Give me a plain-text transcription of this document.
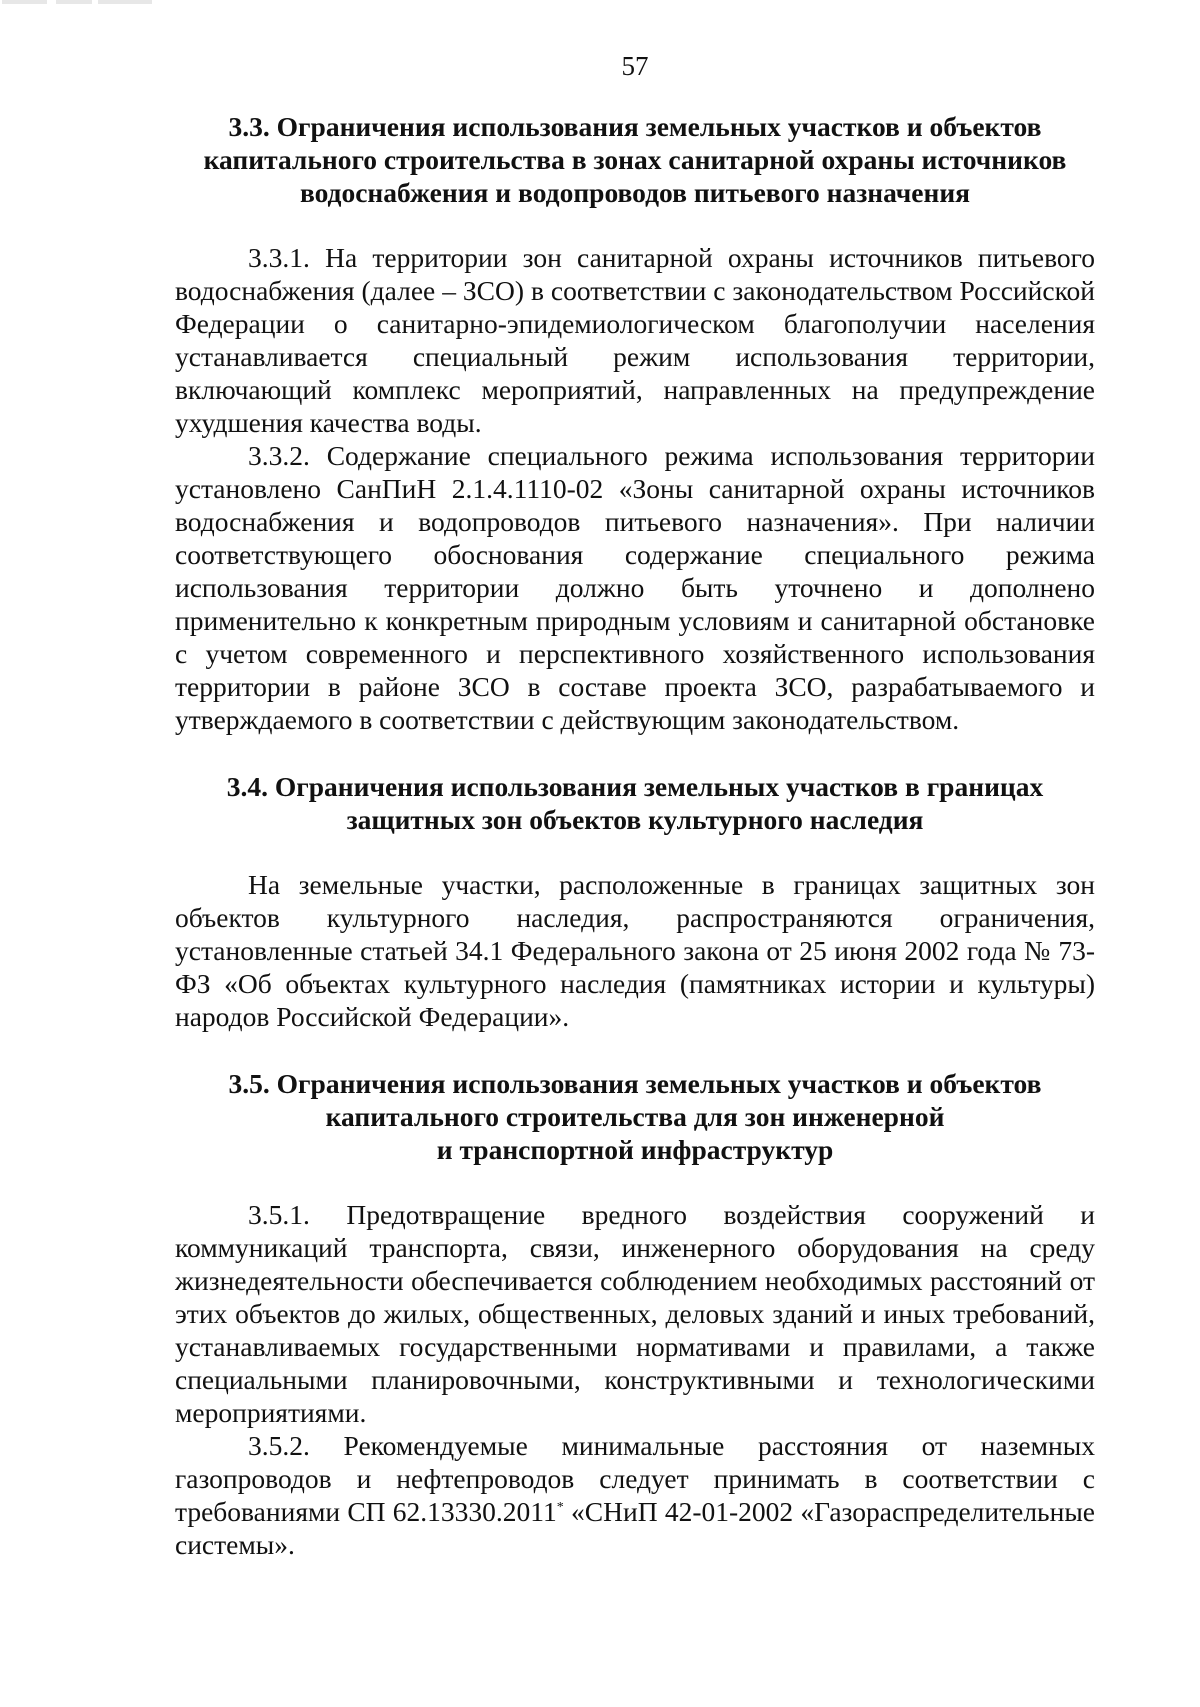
57
3.3. Ограничения использования земельных участков и объектов
капитального строительства в зонах санитарной охраны источников
водоснабжения и водопроводов питьевого назначения

3.3.1. На территории зон санитарной охраны источников питьевого водоснабжения (далее – ЗСО) в соответствии с законодательством Российской Федерации о санитарно-эпидемиологическом благополучии населения устанавливается специальный режим использования территории, включающий комплекс мероприятий, направленных на предупреждение ухудшения качества воды.

3.3.2. Содержание специального режима использования территории установлено СанПиН 2.1.4.1110-02 «Зоны санитарной охраны источников водоснабжения и водопроводов питьевого назначения». При наличии соответствующего обоснования содержание специального режима использования территории должно быть уточнено и дополнено применительно к конкретным природным условиям и санитарной обстановке с учетом современного и перспективного хозяйственного использования территории в районе ЗСО в составе проекта ЗСО, разрабатываемого и утверждаемого в соответствии с действующим законодательством.

3.4. Ограничения использования земельных участков в границах
защитных зон объектов культурного наследия

На земельные участки, расположенные в границах защитных зон объектов культурного наследия, распространяются ограничения, установленные статьей 34.1 Федерального закона от 25 июня 2002 года № 73-ФЗ «Об объектах культурного наследия (памятниках истории и культуры) народов Российской Федерации».

3.5. Ограничения использования земельных участков и объектов
капитального строительства для зон инженерной
и транспортной инфраструктур

3.5.1. Предотвращение вредного воздействия сооружений и коммуникаций транспорта, связи, инженерного оборудования на среду жизнедеятельности обеспечивается соблюдением необходимых расстояний от этих объектов до жилых, общественных, деловых зданий и иных требований, устанавливаемых государственными нормативами и правилами, а также специальными планировочными, конструктивными и технологическими мероприятиями.

3.5.2. Рекомендуемые минимальные расстояния от наземных газопроводов и нефтепроводов следует принимать в соответствии с требованиями СП 62.13330.2011* «СНиП 42-01-2002 «Газораспределительные системы».
